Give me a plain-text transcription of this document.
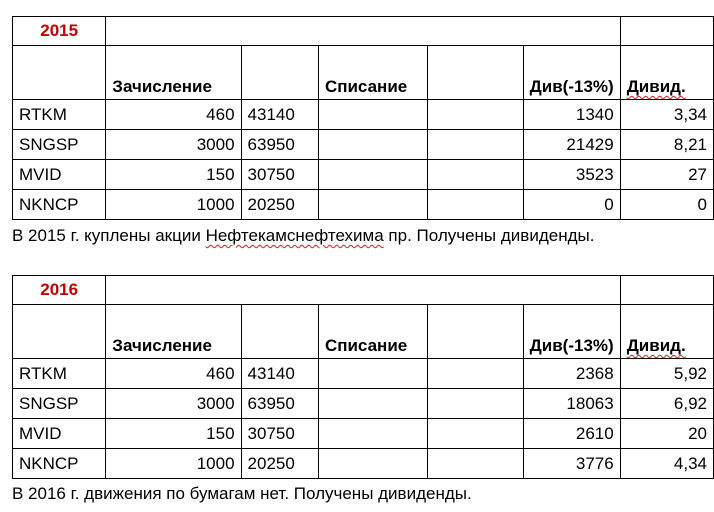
2015						
	Зачисление		Списание		Див(-13%)	Дивид.
RTKM	460	43140			1340	3,34
SNGSP	3000	63950			21429	8,21
MVID	150	30750			3523	27
NKNCP	1000	20250			0	0
В 2015 г. куплены акции Нефтекамснефтехима пр. Получены дивиденды.
2016						
	Зачисление		Списание		Див(-13%)	Дивид.
RTKM	460	43140			2368	5,92
SNGSP	3000	63950			18063	6,92
MVID	150	30750			2610	20
NKNCP	1000	20250			3776	4,34
В 2016 г. движения по бумагам нет. Получены дивиденды.
